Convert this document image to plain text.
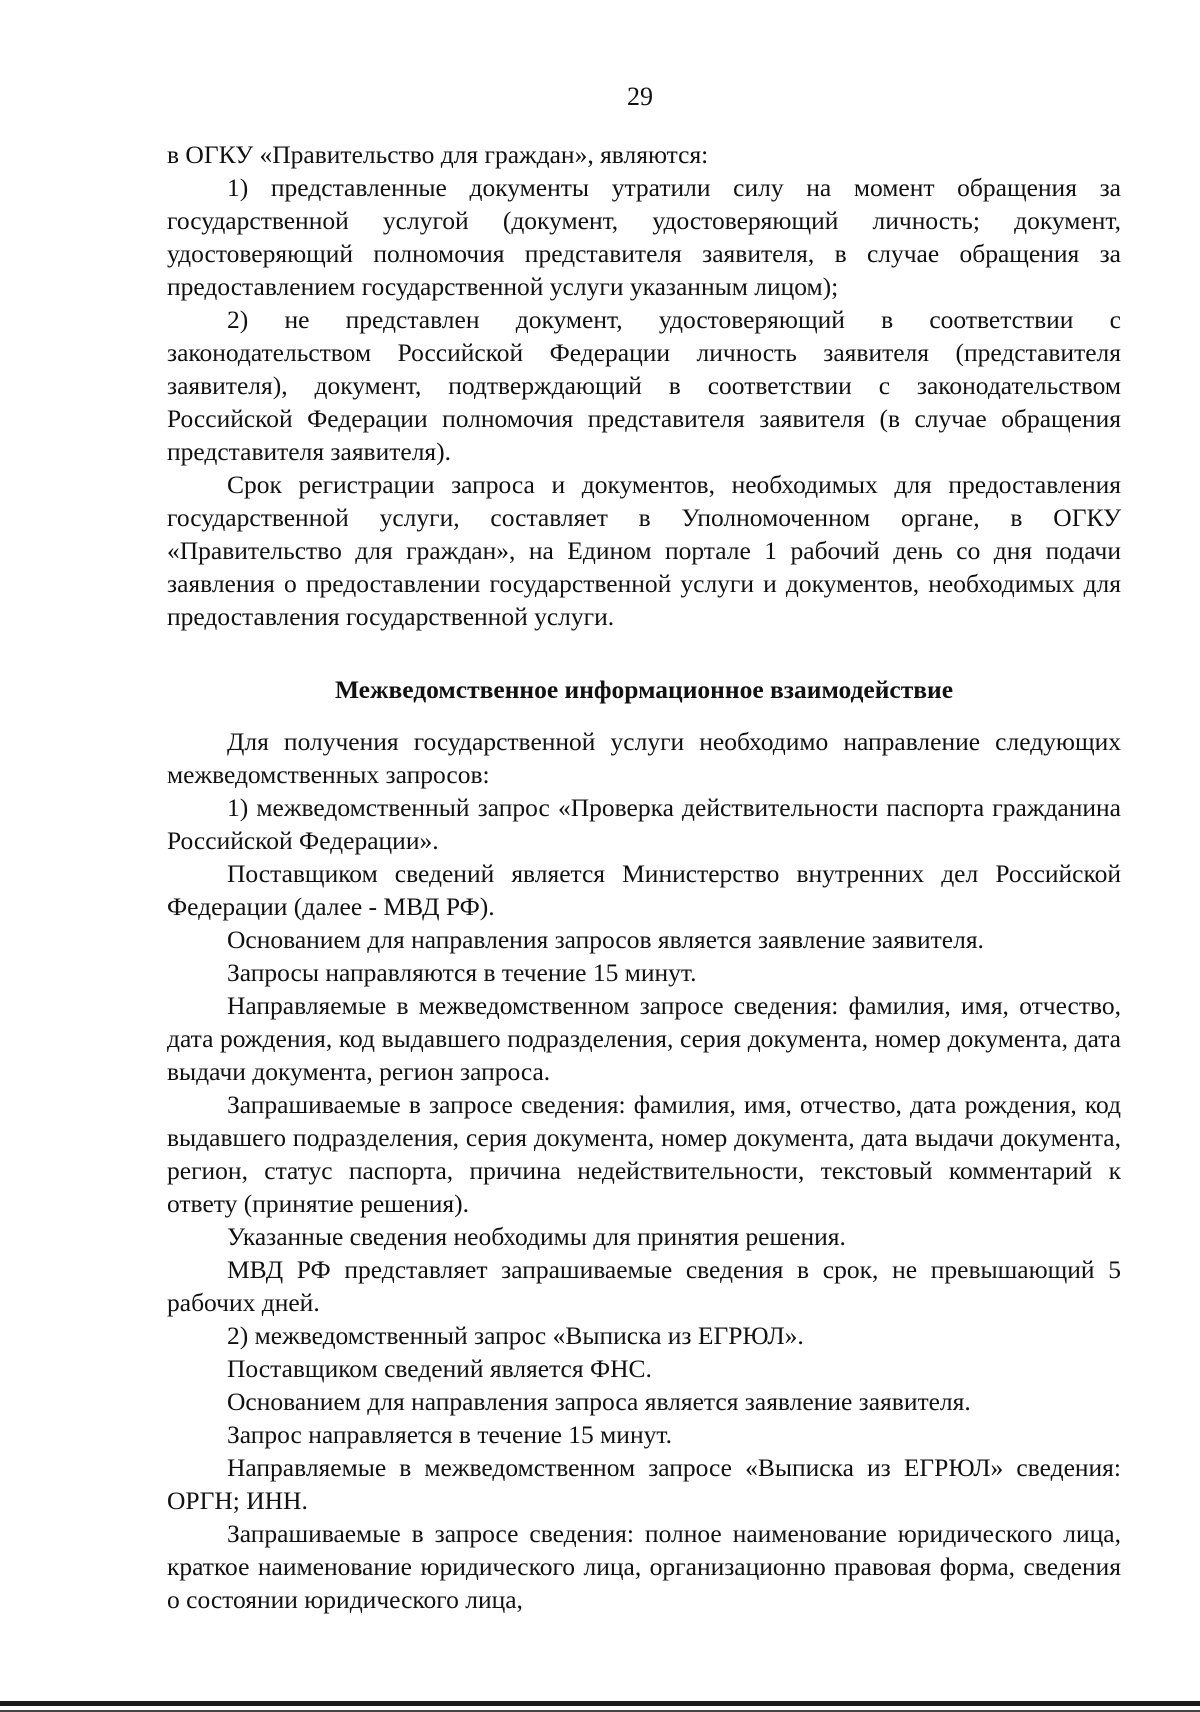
29

в ОГКУ «Правительство для граждан», являются:

1) представленные документы утратили силу на момент обращения за государственной услугой (документ, удостоверяющий личность; документ, удостоверяющий полномочия представителя заявителя, в случае обращения за предоставлением государственной услуги указанным лицом);

2) не представлен документ, удостоверяющий в соответствии с законодательством Российской Федерации личность заявителя (представителя заявителя), документ, подтверждающий в соответствии с законодательством Российской Федерации полномочия представителя заявителя (в случае обращения представителя заявителя).

Срок регистрации запроса и документов, необходимых для предоставления государственной услуги, составляет в Уполномоченном органе, в ОГКУ «Правительство для граждан», на Едином портале 1 рабочий день со дня подачи заявления о предоставлении государственной услуги и документов, необходимых для предоставления государственной услуги.

Межведомственное информационное взаимодействие

Для получения государственной услуги необходимо направление следующих межведомственных запросов:

1) межведомственный запрос «Проверка действительности паспорта гражданина Российской Федерации».

Поставщиком сведений является Министерство внутренних дел Российской Федерации (далее - МВД РФ).

Основанием для направления запросов является заявление заявителя.

Запросы направляются в течение 15 минут.

Направляемые в межведомственном запросе сведения: фамилия, имя, отчество, дата рождения, код выдавшего подразделения, серия документа, номер документа, дата выдачи документа, регион запроса.

Запрашиваемые в запросе сведения: фамилия, имя, отчество, дата рождения, код выдавшего подразделения, серия документа, номер документа, дата выдачи документа, регион, статус паспорта, причина недействительности, текстовый комментарий к ответу (принятие решения).

Указанные сведения необходимы для принятия решения.

МВД РФ представляет запрашиваемые сведения в срок, не превышающий 5 рабочих дней.

2) межведомственный запрос «Выписка из ЕГРЮЛ».

Поставщиком сведений является ФНС.

Основанием для направления запроса является заявление заявителя.

Запрос направляется в течение 15 минут.

Направляемые в межведомственном запросе «Выписка из ЕГРЮЛ» сведения: ОРГН; ИНН.

Запрашиваемые в запросе сведения: полное наименование юридического лица, краткое наименование юридического лица, организационно правовая форма, сведения о состоянии юридического лица,
